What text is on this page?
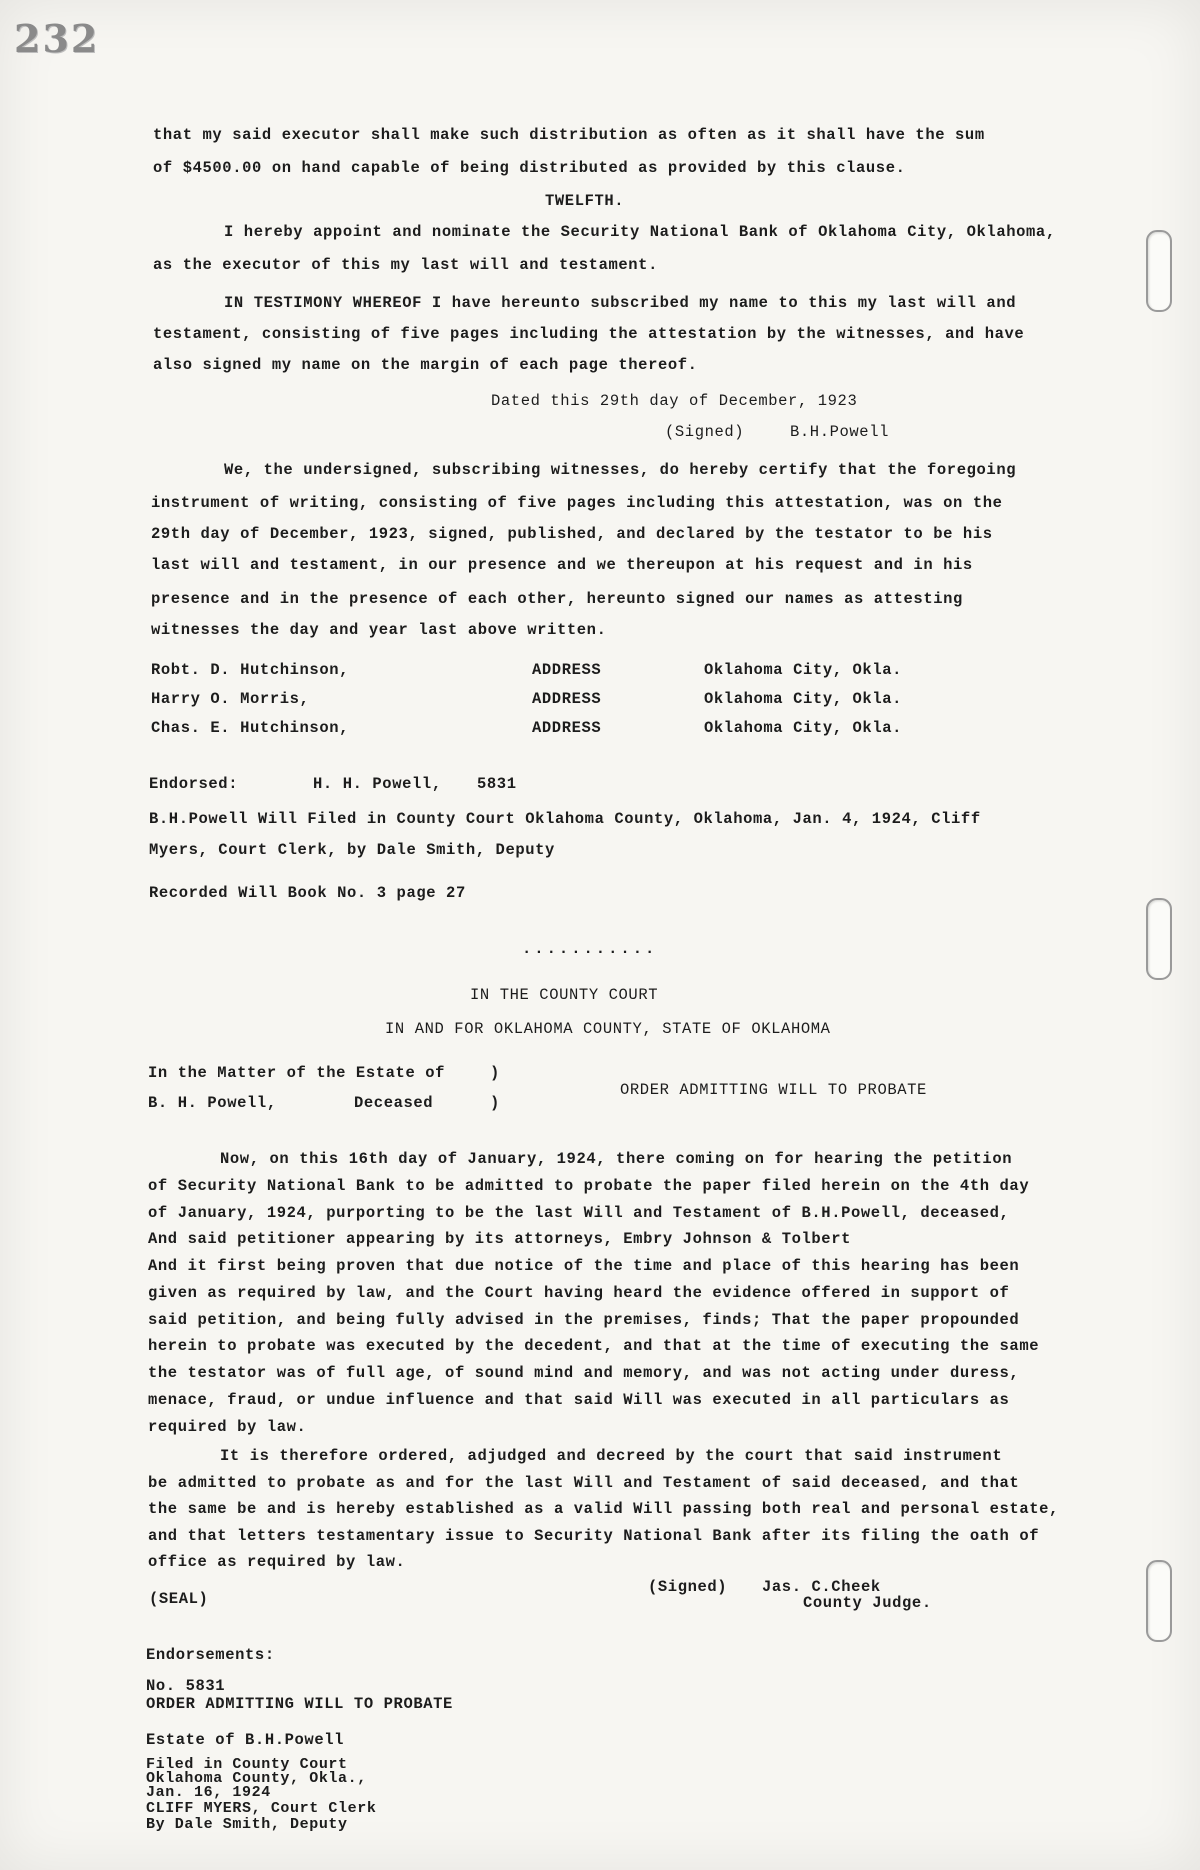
232
that my said executor shall make such distribution as often as it shall have the sum
of $4500.00 on hand capable of being distributed as provided by this clause.
TWELFTH.
I hereby appoint and nominate the Security National Bank of Oklahoma City, Oklahoma,
as the executor of this my last will and testament.
IN TESTIMONY WHEREOF I have hereunto subscribed my name to this my last will and
testament, consisting of five pages including the attestation by the witnesses, and have
also signed my name on the margin of each page thereof.
Dated this 29th day of December, 1923
(Signed)	B.H.Powell
We, the undersigned, subscribing witnesses, do hereby certify that the foregoing
instrument of writing, consisting of five pages including this attestation, was on the
29th day of December, 1923, signed, published, and declared by the testator to be his
last will and testament, in our presence and we thereupon at his request and in his
presence and in the presence of each other, hereunto signed our names as attesting
witnesses the day and year last above written.
Robt. D. Hutchinson,	ADDRESS	Oklahoma City, Okla.
Harry O. Morris,	ADDRESS	Oklahoma City, Okla.
Chas. E. Hutchinson,	ADDRESS	Oklahoma City, Okla.
Endorsed:	H. H. Powell, 5831
B.H.Powell Will Filed in County Court Oklahoma County, Oklahoma, Jan. 4, 1924, Cliff
Myers, Court Clerk, by Dale Smith, Deputy
Recorded Will Book No. 3 page 27
...........
IN THE COUNTY COURT
IN AND FOR OKLAHOMA COUNTY, STATE OF OKLAHOMA
In the Matter of the Estate of	)
B. H. Powell,	Deceased	)
ORDER ADMITTING WILL TO PROBATE
Now, on this 16th day of January, 1924, there coming on for hearing the petition
of Security National Bank to be admitted to probate the paper filed herein on the 4th day
of January, 1924, purporting to be the last Will and Testament of B.H.Powell, deceased,
And said petitioner appearing by its attorneys, Embry Johnson & Tolbert
And it first being proven that due notice of the time and place of this hearing has been
given as required by law, and the Court having heard the evidence offered in support of
said petition, and being fully advised in the premises, finds; That the paper propounded
herein to probate was executed by the decedent, and that at the time of executing the same
the testator was of full age, of sound mind and memory, and was not acting under duress,
menace, fraud, or undue influence and that said Will was executed in all particulars as
required by law.
It is therefore ordered, adjudged and decreed by the court that said instrument
be admitted to probate as and for the last Will and Testament of said deceased, and that
the same be and is hereby established as a valid Will passing both real and personal estate,
and that letters testamentary issue to Security National Bank after its filing the oath of
office as required by law.
(SEAL)
(Signed) Jas. C.Cheek
County Judge.
Endorsements:
No. 5831
ORDER ADMITTING WILL TO PROBATE
Estate of B.H.Powell
Filed in County Court
Oklahoma County, Okla.,
Jan. 16, 1924
CLIFF MYERS, Court Clerk
By Dale Smith, Deputy
